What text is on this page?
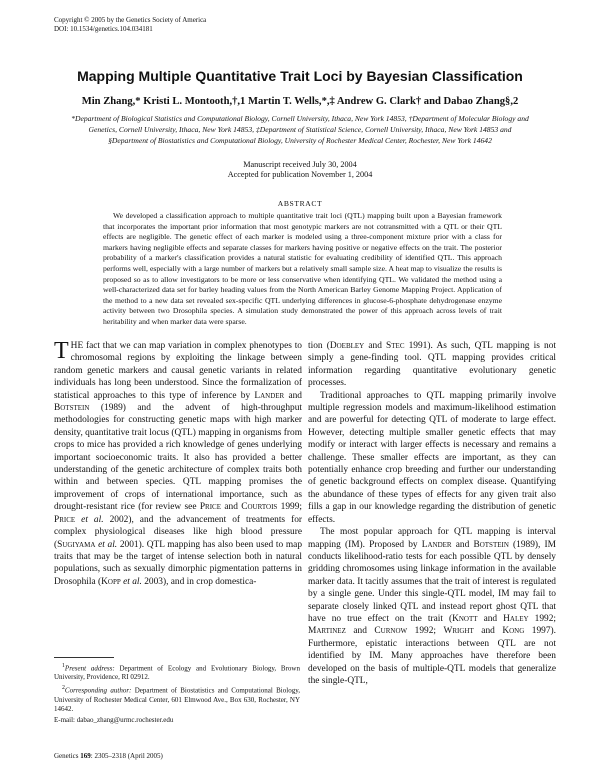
Copyright © 2005 by the Genetics Society of America
DOI: 10.1534/genetics.104.034181
Mapping Multiple Quantitative Trait Loci by Bayesian Classification
Min Zhang,* Kristi L. Montooth,†,1 Martin T. Wells,*,‡ Andrew G. Clark† and Dabao Zhang§,2
*Department of Biological Statistics and Computational Biology, Cornell University, Ithaca, New York 14853, †Department of Molecular Biology and Genetics, Cornell University, Ithaca, New York 14853, ‡Department of Statistical Science, Cornell University, Ithaca, New York 14853 and §Department of Biostatistics and Computational Biology, University of Rochester Medical Center, Rochester, New York 14642
Manuscript received July 30, 2004
Accepted for publication November 1, 2004
ABSTRACT

We developed a classification approach to multiple quantitative trait loci (QTL) mapping built upon a Bayesian framework that incorporates the important prior information that most genotypic markers are not cotransmitted with a QTL or their QTL effects are negligible. The genetic effect of each marker is modeled using a three-component mixture prior with a class for markers having negligible effects and separate classes for markers having positive or negative effects on the trait. The posterior probability of a marker's classification provides a natural statistic for evaluating credibility of identified QTL. This approach performs well, especially with a large number of markers but a relatively small sample size. A heat map to visualize the results is proposed so as to allow investigators to be more or less conservative when identifying QTL. We validated the method using a well-characterized data set for barley heading values from the North American Barley Genome Mapping Project. Application of the method to a new data set revealed sex-specific QTL underlying differences in glucose-6-phosphate dehydrogenase enzyme activity between two Drosophila species. A simulation study demonstrated the power of this approach across levels of trait heritability and when marker data were sparse.

THE fact that we can map variation in complex phenotypes to chromosomal regions by exploiting the linkage between random genetic markers and causal genetic variants in related individuals has long been understood. Since the formalization of statistical approaches to this type of inference by Lander and Botstein (1989) and the advent of high-throughput methodologies for constructing genetic maps with high marker density, quantitative trait locus (QTL) mapping in organisms from crops to mice has provided a rich knowledge of genes underlying important socioeconomic traits. It also has provided a better understanding of the genetic architecture of complex traits both within and between species. QTL mapping promises the improvement of crops of international importance, such as drought-resistant rice (for review see Price and Courtois 1999; Price et al. 2002), and the advancement of treatments for complex physiological diseases like high blood pressure (Sugiyama et al. 2001). QTL mapping has also been used to map traits that may be the target of intense selection both in natural populations, such as sexually dimorphic pigmentation patterns in Drosophila (Kopp et al. 2003), and in crop domestica-

tion (Doebley and Stec 1991). As such, QTL mapping is not simply a gene-finding tool. QTL mapping provides critical information regarding quantitative evolutionary genetic processes.

Traditional approaches to QTL mapping primarily involve multiple regression models and maximum-likelihood estimation and are powerful for detecting QTL of moderate to large effect. However, detecting multiple smaller genetic effects that may modify or interact with larger effects is necessary and remains a challenge. These smaller effects are important, as they can potentially enhance crop breeding and further our understanding of genetic background effects on complex disease. Quantifying the abundance of these types of effects for any given trait also fills a gap in our knowledge regarding the distribution of genetic effects.

The most popular approach for QTL mapping is interval mapping (IM). Proposed by Lander and Botstein (1989), IM conducts likelihood-ratio tests for each possible QTL by densely gridding chromosomes using linkage information in the available marker data. It tacitly assumes that the trait of interest is regulated by a single gene. Under this single-QTL model, IM may fail to separate closely linked QTL and instead report ghost QTL that have no true effect on the trait (Knott and Haley 1992; Martinez and Curnow 1992; Wright and Kong 1997). Furthermore, epistatic interactions between QTL are not identified by IM. Many approaches have therefore been developed on the basis of multiple-QTL models that generalize the single-QTL,

$^1$Present address: Department of Ecology and Evolutionary Biology, Brown University, Providence, RI 02912.

$^2$Corresponding author: Department of Biostatistics and Computational Biology, University of Rochester Medical Center, 601 Elmwood Ave., Box 630, Rochester, NY 14642.

E-mail: dabao_zhang@urmc.rochester.edu

Genetics 169: 2305–2318 (April 2005)
